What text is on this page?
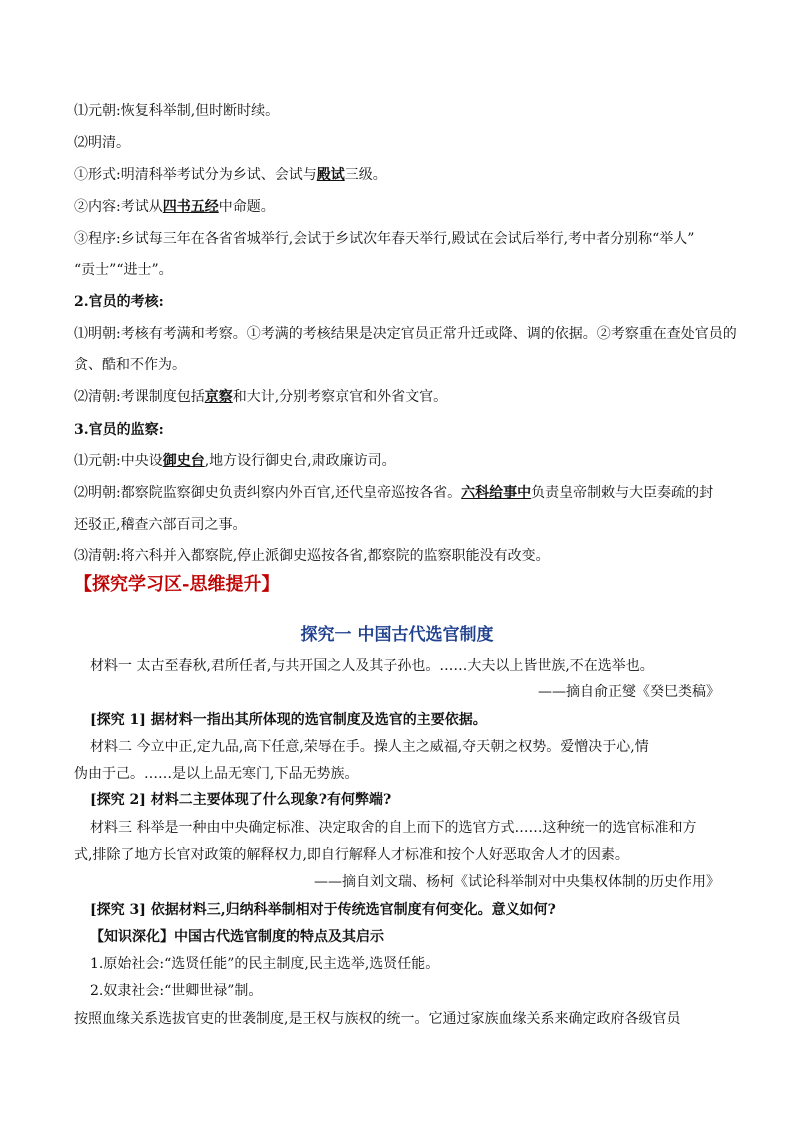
⑴元朝:恢复科举制,但时断时续。
⑵明清。
①形式:明清科举考试分为乡试、会试与殿试三级。
②内容:考试从四书五经中命题。
③程序:乡试每三年在各省省城举行,会试于乡试次年春天举行,殿试在会试后举行,考中者分别称“举人”
“贡士”“进士”。
2.官员的考核:
⑴明朝:考核有考满和考察。①考满的考核结果是决定官员正常升迁或降、调的依据。②考察重在查处官员的
贪、酷和不作为。
⑵清朝:考课制度包括京察和大计,分别考察京官和外省文官。
3.官员的监察:
⑴元朝:中央设御史台,地方设行御史台,肃政廉访司。
⑵明朝:都察院监察御史负责纠察内外百官,还代皇帝巡按各省。六科给事中负责皇帝制敕与大臣奏疏的封
还驳正,稽查六部百司之事。
⑶清朝:将六科并入都察院,停止派御史巡按各省,都察院的监察职能没有改变。
【探究学习区-思维提升】
探究一 中国古代选官制度
材料一 太古至春秋,君所任者,与共开国之人及其子孙也。……大夫以上皆世族,不在选举也。
——摘自俞正燮《癸巳类稿》
[探究 1] 据材料一指出其所体现的选官制度及选官的主要依据。
材料二 今立中正,定九品,高下任意,荣辱在手。操人主之威福,夺天朝之权势。爱憎决于心,情
伪由于己。……是以上品无寒门,下品无势族。
[探究 2] 材料二主要体现了什么现象?有何弊端?
材料三 科举是一种由中央确定标准、决定取舍的自上而下的选官方式……这种统一的选官标准和方
式,排除了地方长官对政策的解释权力,即自行解释人才标准和按个人好恶取舍人才的因素。
——摘自刘文瑞、杨柯《试论科举制对中央集权体制的历史作用》
[探究 3] 依据材料三,归纳科举制相对于传统选官制度有何变化。意义如何?
【知识深化】中国古代选官制度的特点及其启示
1.原始社会:“选贤任能”的民主制度,民主选举,选贤任能。
2.奴隶社会:“世卿世禄”制。
按照血缘关系选拔官吏的世袭制度,是王权与族权的统一。它通过家族血缘关系来确定政府各级官员
